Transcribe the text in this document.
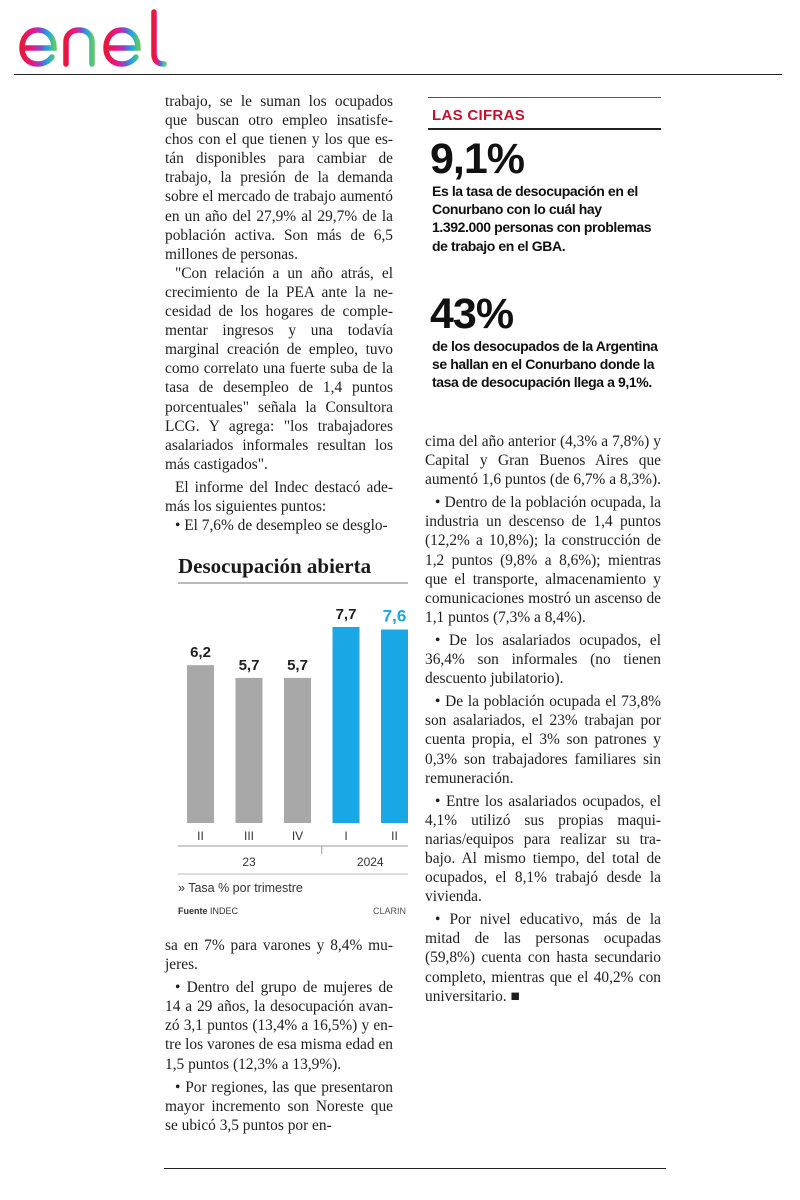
trabajo, se le suman los ocupados que buscan otro empleo insatisfechos con el que tienen y los que están disponibles para cambiar de trabajo, la presión de la demanda sobre el mercado de trabajo aumentó en un año del 27,9% al 29,7% de la población activa. Son más de 6,5 millones de personas.

"Con relación a un año atrás, el crecimiento de la PEA ante la necesidad de los hogares de complementar ingresos y una todavía marginal creación de empleo, tuvo como correlato una fuerte suba de la tasa de desempleo de 1,4 puntos porcentuales" señala la Consultora LCG. Y agrega: "los trabajadores asalariados informales resultan los más castigados".

El informe del Indec destacó además los siguientes puntos:

• El 7,6% de desempleo se desglo-

LAS CIFRAS
9,1%
Es la tasa de desocupación en el Conurbano con lo cuál hay 1.392.000 personas con problemas de trabajo en el GBA.
43%
de los desocupados de la Argentina se hallan en el Conurbano donde la tasa de desocupación llega a 9,1%.
6,2
II
5,7
III
5,7
IV
7,7
I
7,6
II
23	2024
Desocupación abierta
» Tasa % por trimestre
Fuente INDEC	CLARIN

sa en 7% para varones y 8,4% mujeres.

• Dentro del grupo de mujeres de 14 a 29 años, la desocupación avanzó 3,1 puntos (13,4% a 16,5%) y entre los varones de esa misma edad en 1,5 puntos (12,3% a 13,9%).

• Por regiones, las que presentaron mayor incremento son Noreste que se ubicó 3,5 puntos por en-

cima del año anterior (4,3% a 7,8%) y Capital y Gran Buenos Aires que aumentó 1,6 puntos (de 6,7% a 8,3%).

• Dentro de la población ocupada, la industria un descenso de 1,4 puntos (12,2% a 10,8%); la construcción de 1,2 puntos (9,8% a 8,6%); mientras que el transporte, almacenamiento y comunicaciones mostró un ascenso de 1,1 puntos (7,3% a 8,4%).

• De los asalariados ocupados, el 36,4% son informales (no tienen descuento jubilatorio).

• De la población ocupada el 73,8% son asalariados, el 23% trabajan por cuenta propia, el 3% son patrones y 0,3% son trabajadores familiares sin remuneración.

• Entre los asalariados ocupados, el 4,1% utilizó sus propias maquinarias/equipos para realizar su trabajo. Al mismo tiempo, del total de ocupados, el 8,1% trabajó desde la vivienda.

• Por nivel educativo, más de la mitad de las personas ocupadas (59,8%) cuenta con hasta secundario completo, mientras que el 40,2% con universitario. ■
